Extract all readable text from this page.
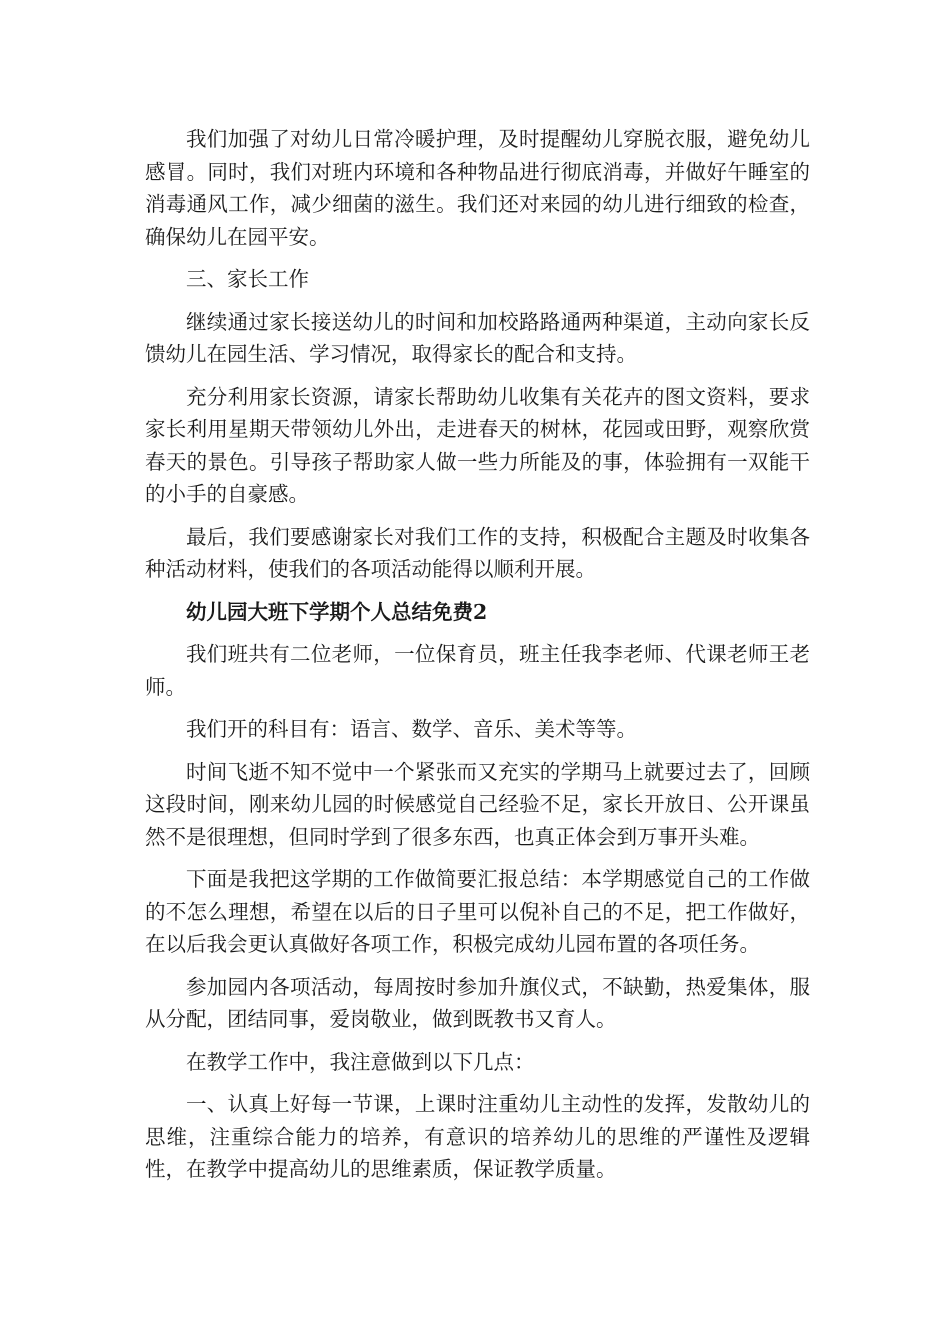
我们加强了对幼儿日常冷暖护理，及时提醒幼儿穿脱衣服，避免幼儿感冒。同时，我们对班内环境和各种物品进行彻底消毒，并做好午睡室的消毒通风工作，减少细菌的滋生。我们还对来园的幼儿进行细致的检查，确保幼儿在园平安。

三、家长工作

继续通过家长接送幼儿的时间和加校路路通两种渠道，主动向家长反馈幼儿在园生活、学习情况，取得家长的配合和支持。

充分利用家长资源，请家长帮助幼儿收集有关花卉的图文资料，要求家长利用星期天带领幼儿外出，走进春天的树林，花园或田野，观察欣赏春天的景色。引导孩子帮助家人做一些力所能及的事，体验拥有一双能干的小手的自豪感。

最后，我们要感谢家长对我们工作的支持，积极配合主题及时收集各种活动材料，使我们的各项活动能得以顺利开展。

幼儿园大班下学期个人总结免费2

我们班共有二位老师，一位保育员，班主任我李老师、代课老师王老师。

我们开的科目有：语言、数学、音乐、美术等等。

时间飞逝不知不觉中一个紧张而又充实的学期马上就要过去了，回顾这段时间，刚来幼儿园的时候感觉自己经验不足，家长开放日、公开课虽然不是很理想，但同时学到了很多东西，也真正体会到万事开头难。

下面是我把这学期的工作做简要汇报总结：本学期感觉自己的工作做的不怎么理想，希望在以后的日子里可以倪补自己的不足，把工作做好，在以后我会更认真做好各项工作，积极完成幼儿园布置的各项任务。

参加园内各项活动，每周按时参加升旗仪式，不缺勤，热爱集体，服从分配，团结同事，爱岗敬业，做到既教书又育人。

在教学工作中，我注意做到以下几点：

一、认真上好每一节课，上课时注重幼儿主动性的发挥，发散幼儿的思维，注重综合能力的培养，有意识的培养幼儿的思维的严谨性及逻辑性，在教学中提高幼儿的思维素质，保证教学质量。
